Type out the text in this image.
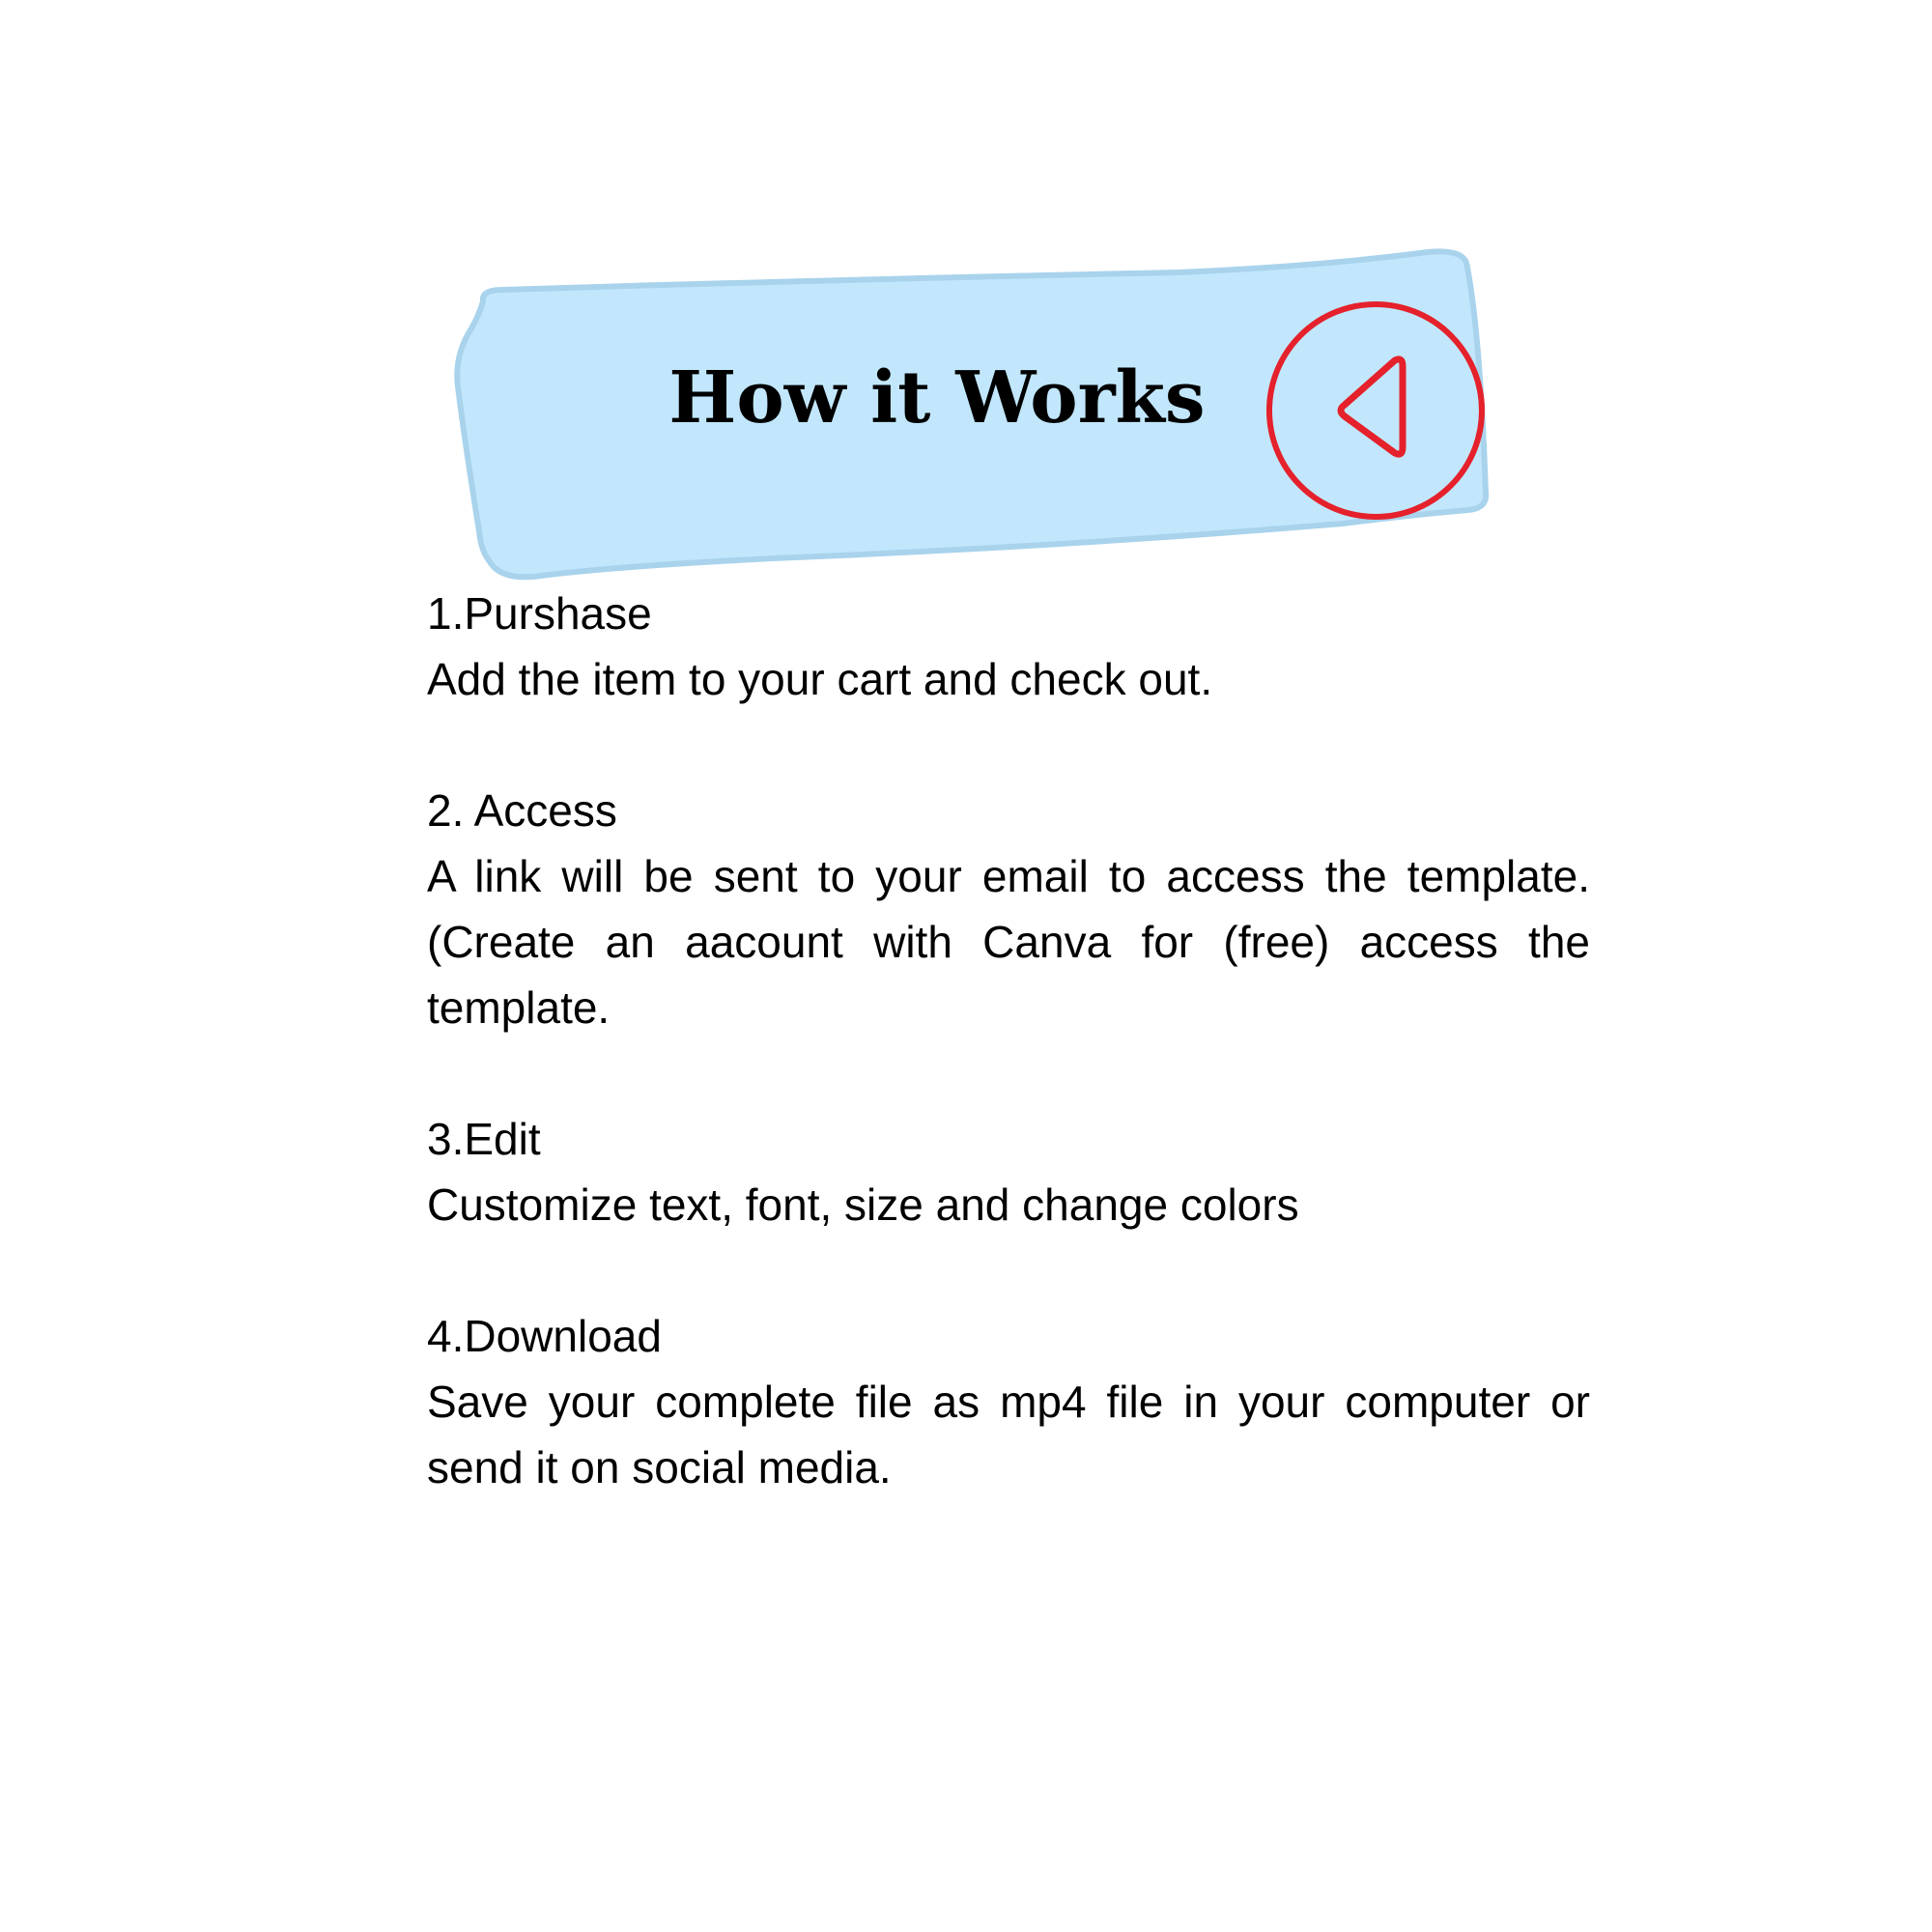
How it Works
1.Purshase
Add the item to your cart and check out.
2. Access
A link will be sent to your email to access the template.(Create an aacount with Canva for (free) access the template.
3.Edit
Customize text, font, size and change colors
4.Download
Save your complete file as mp4 file in your computer or send it on social media.
